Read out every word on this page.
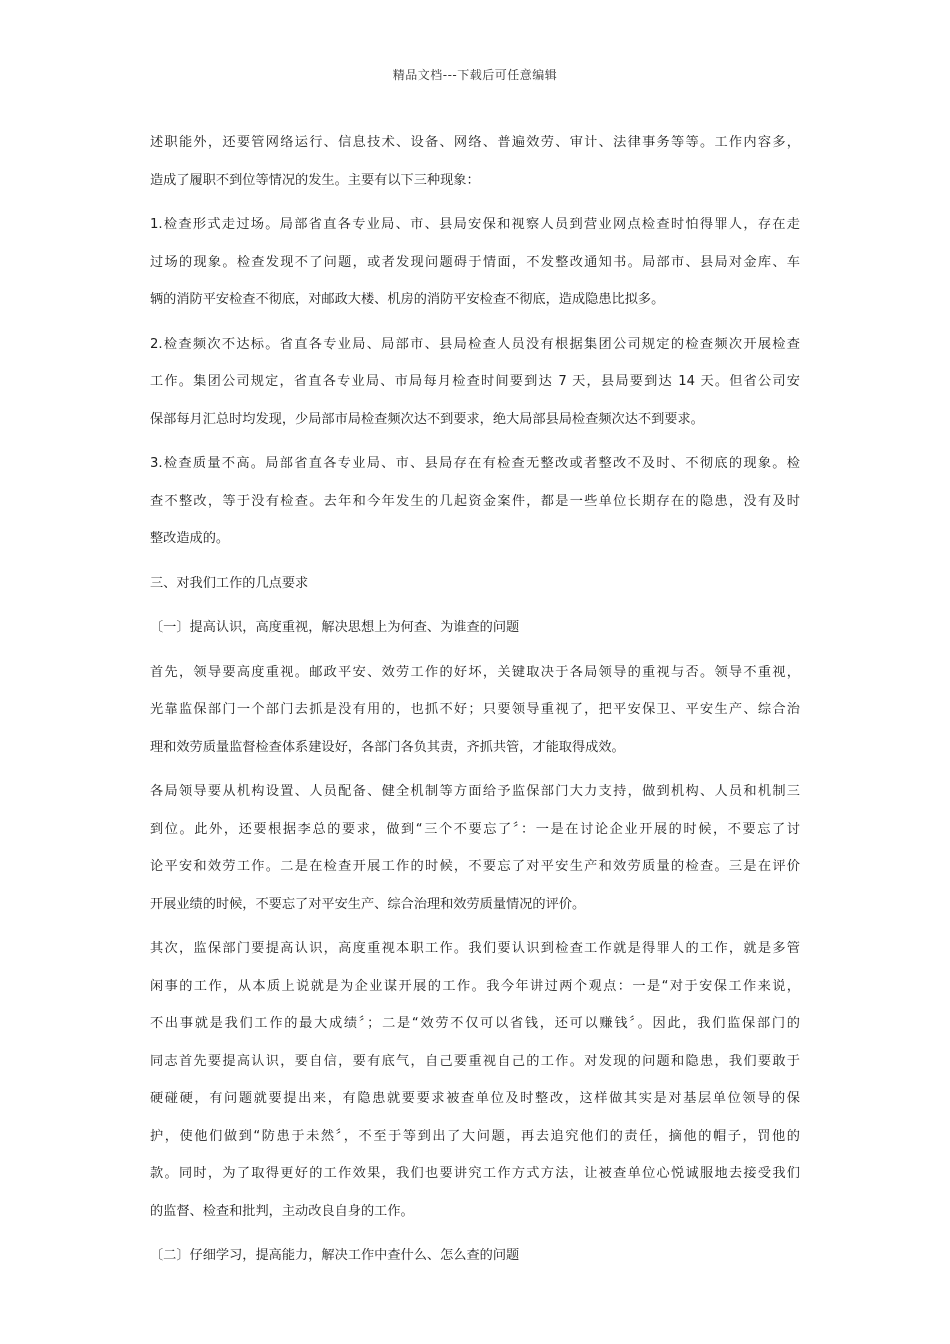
精品文档---下载后可任意编辑

述职能外，还要管网络运行、信息技术、设备、网络、普遍效劳、审计、法律事务等等。工作内容多，
造成了履职不到位等情况的发生。主要有以下三种现象：

1.检查形式走过场。局部省直各专业局、市、县局安保和视察人员到营业网点检查时怕得罪人，存在走
过场的现象。检查发现不了问题，或者发现问题碍于情面，不发整改通知书。局部市、县局对金库、车
辆的消防平安检查不彻底，对邮政大楼、机房的消防平安检查不彻底，造成隐患比拟多。

2.检查频次不达标。省直各专业局、局部市、县局检查人员没有根据集团公司规定的检查频次开展检查
工作。集团公司规定，省直各专业局、市局每月检查时间要到达 7 天，县局要到达 14 天。但省公司安
保部每月汇总时均发现，少局部市局检查频次达不到要求，绝大局部县局检查频次达不到要求。

3.检查质量不高。局部省直各专业局、市、县局存在有检查无整改或者整改不及时、不彻底的现象。检
查不整改，等于没有检查。去年和今年发生的几起资金案件，都是一些单位长期存在的隐患，没有及时
整改造成的。

三、对我们工作的几点要求

〔一〕提高认识，高度重视，解决思想上为何查、为谁查的问题

首先，领导要高度重视。邮政平安、效劳工作的好坏，关键取决于各局领导的重视与否。领导不重视，
光靠监保部门一个部门去抓是没有用的，也抓不好；只要领导重视了，把平安保卫、平安生产、综合治
理和效劳质量监督检查体系建设好，各部门各负其责，齐抓共管，才能取得成效。

各局领导要从机构设置、人员配备、健全机制等方面给予监保部门大力支持，做到机构、人员和机制三
到位。此外，还要根据李总的要求，做到“三个不要忘了〞：一是在讨论企业开展的时候，不要忘了讨
论平安和效劳工作。二是在检查开展工作的时候，不要忘了对平安生产和效劳质量的检查。三是在评价
开展业绩的时候，不要忘了对平安生产、综合治理和效劳质量情况的评价。

其次，监保部门要提高认识，高度重视本职工作。我们要认识到检查工作就是得罪人的工作，就是多管
闲事的工作，从本质上说就是为企业谋开展的工作。我今年讲过两个观点：一是“对于安保工作来说，
不出事就是我们工作的最大成绩〞；二是“效劳不仅可以省钱，还可以赚钱〞。因此，我们监保部门的
同志首先要提高认识，要自信，要有底气，自己要重视自己的工作。对发现的问题和隐患，我们要敢于
硬碰硬，有问题就要提出来，有隐患就要要求被查单位及时整改，这样做其实是对基层单位领导的保
护，使他们做到“防患于未然〞，不至于等到出了大问题，再去追究他们的责任，摘他的帽子，罚他的
款。同时，为了取得更好的工作效果，我们也要讲究工作方式方法，让被查单位心悦诚服地去接受我们
的监督、检查和批判，主动改良自身的工作。

〔二〕仔细学习，提高能力，解决工作中查什么、怎么查的问题
